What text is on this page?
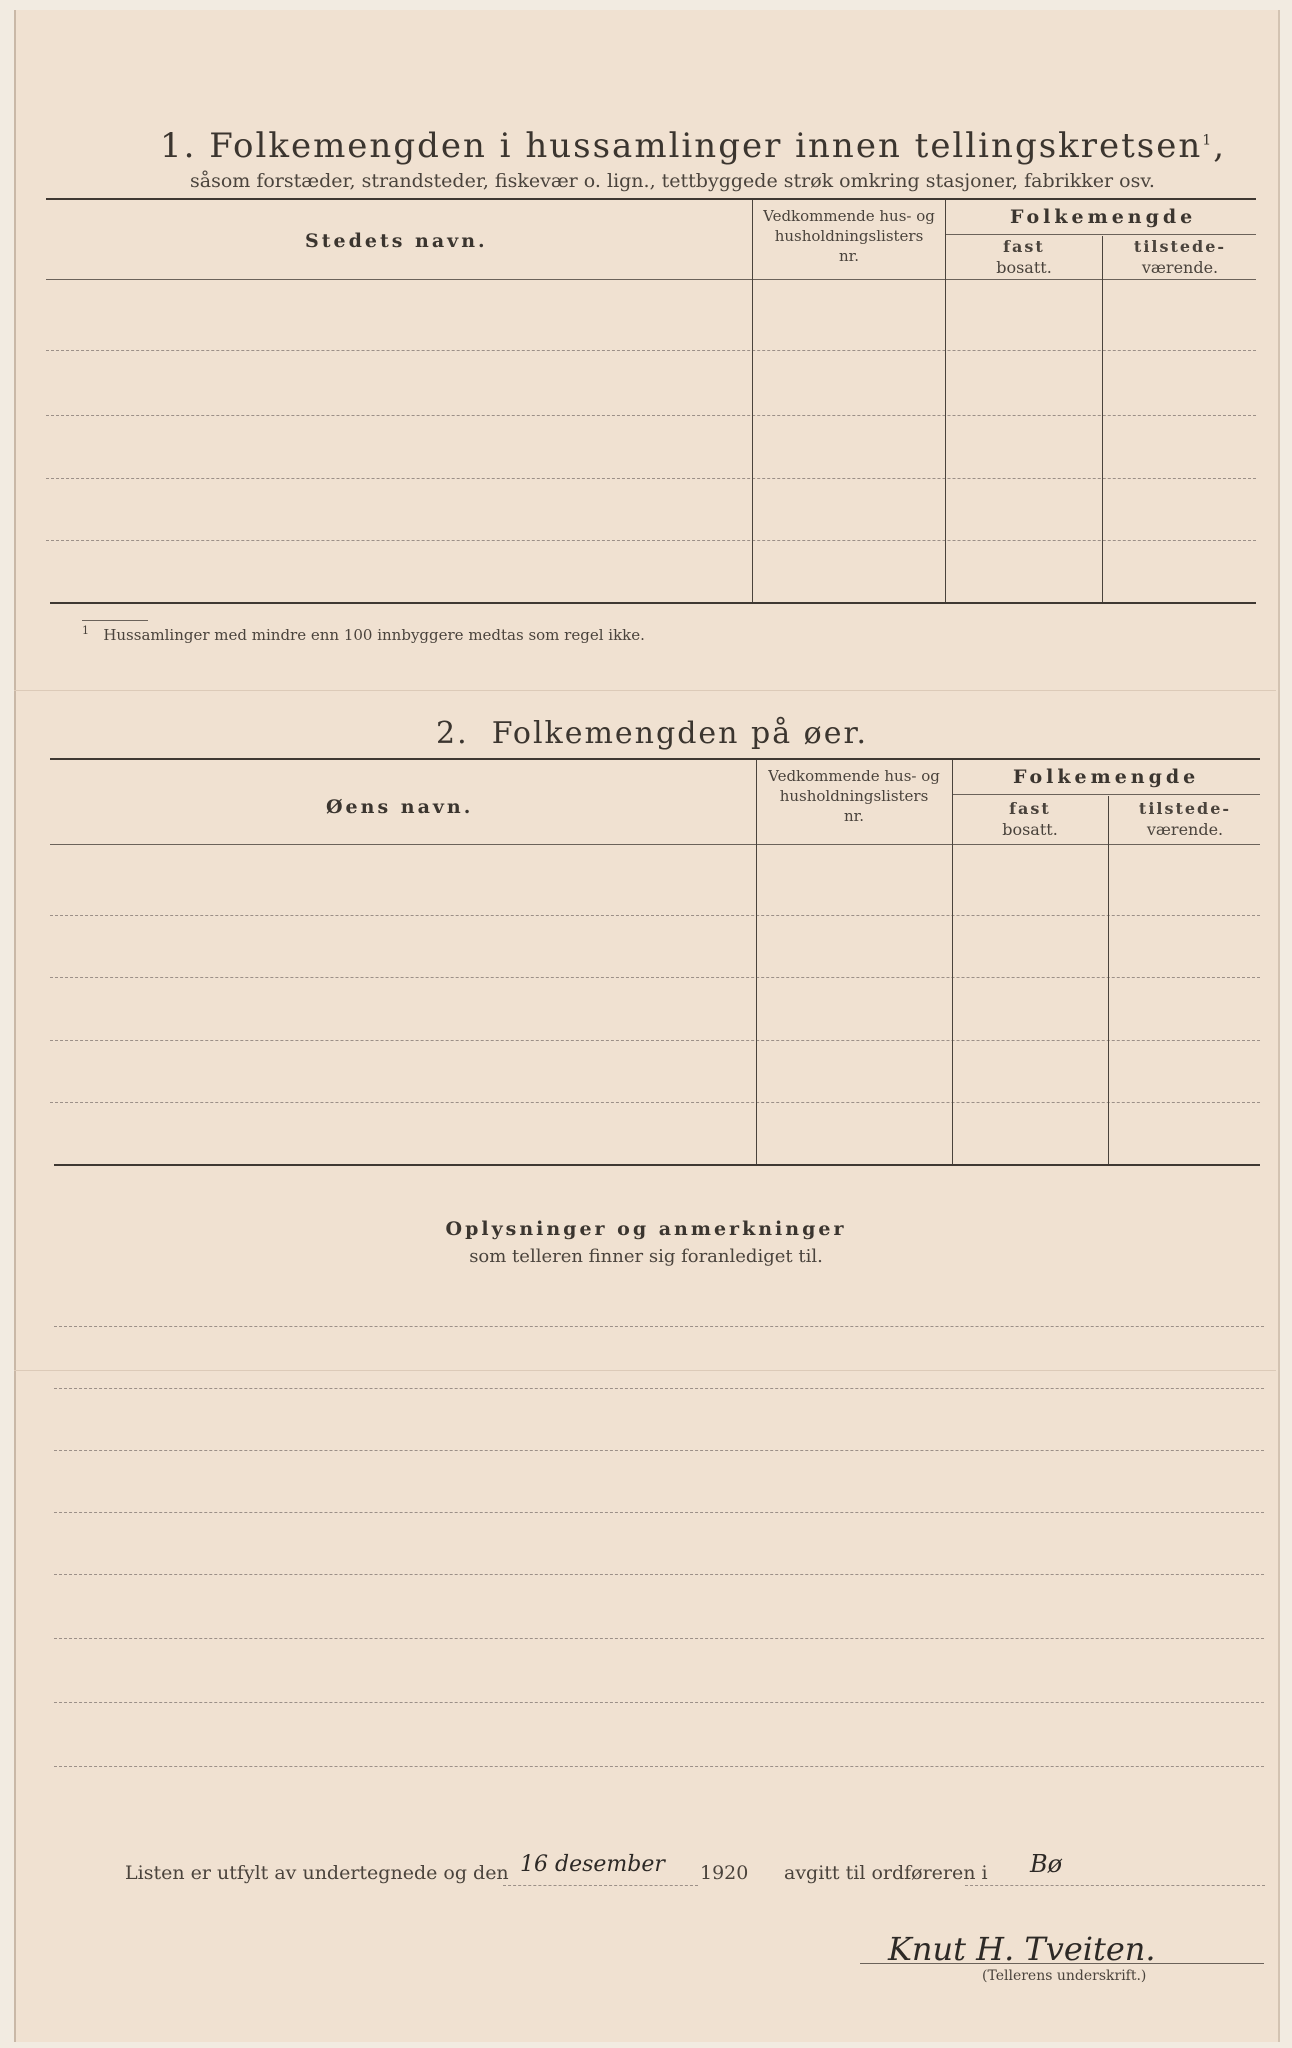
1. Folkemengden i hussamlinger innen tellingskretsen$^1$,
såsom forstæder, strandsteder, fiskevær o. lign., tettbyggede strøk omkring stasjoner, fabrikker osv.
Stedets navn.
Vedkommende hus- og
husholdningslisters
nr.
Folkemengde
fast
bosatt.
tilstede-
værende.
$^1$ Hussamlinger med mindre enn 100 innbyggere medtas som regel ikke.
2. Folkemengden på øer.
Øens navn.
Vedkommende hus- og
husholdningslisters
nr.
Folkemengde
fast
bosatt.
tilstede-
værende.
Oplysninger og anmerkninger
som telleren finner sig foranlediget til.
Listen er utfylt av undertegnede og den 16 desember 1920 avgitt til ordføreren i Bø
Knut H. Tveiten.
(Tellerens underskrift.)
